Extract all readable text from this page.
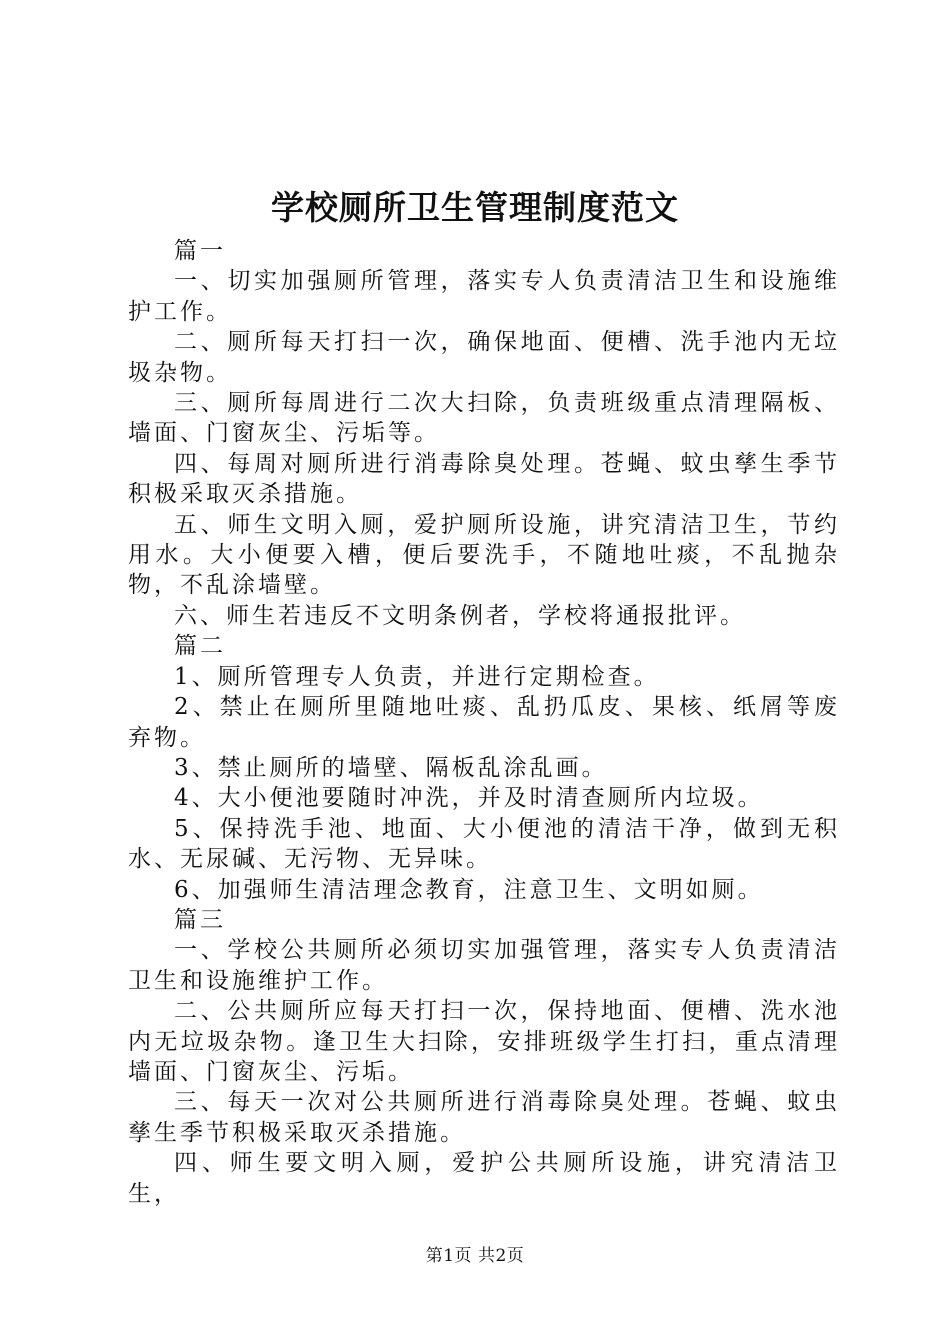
学校厕所卫生管理制度范文

篇一

一、切实加强厕所管理，落实专人负责清洁卫生和设施维护工作。

二、厕所每天打扫一次，确保地面、便槽、洗手池内无垃圾杂物。

三、厕所每周进行二次大扫除，负责班级重点清理隔板、墙面、门窗灰尘、污垢等。

四、每周对厕所进行消毒除臭处理。苍蝇、蚊虫孳生季节积极采取灭杀措施。

五、师生文明入厕，爱护厕所设施，讲究清洁卫生，节约用水。大小便要入槽，便后要洗手，不随地吐痰，不乱抛杂物，不乱涂墙壁。

六、师生若违反不文明条例者，学校将通报批评。

篇二

1、厕所管理专人负责，并进行定期检查。

2、禁止在厕所里随地吐痰、乱扔瓜皮、果核、纸屑等废弃物。

3、禁止厕所的墙壁、隔板乱涂乱画。

4、大小便池要随时冲洗，并及时清查厕所内垃圾。

5、保持洗手池、地面、大小便池的清洁干净，做到无积水、无尿碱、无污物、无异味。

6、加强师生清洁理念教育，注意卫生、文明如厕。

篇三

一、学校公共厕所必须切实加强管理，落实专人负责清洁卫生和设施维护工作。

二、公共厕所应每天打扫一次，保持地面、便槽、洗水池内无垃圾杂物。逢卫生大扫除，安排班级学生打扫，重点清理墙面、门窗灰尘、污垢。

三、每天一次对公共厕所进行消毒除臭处理。苍蝇、蚊虫孳生季节积极采取灭杀措施。

四、师生要文明入厕，爱护公共厕所设施，讲究清洁卫生，

第1页 共2页
